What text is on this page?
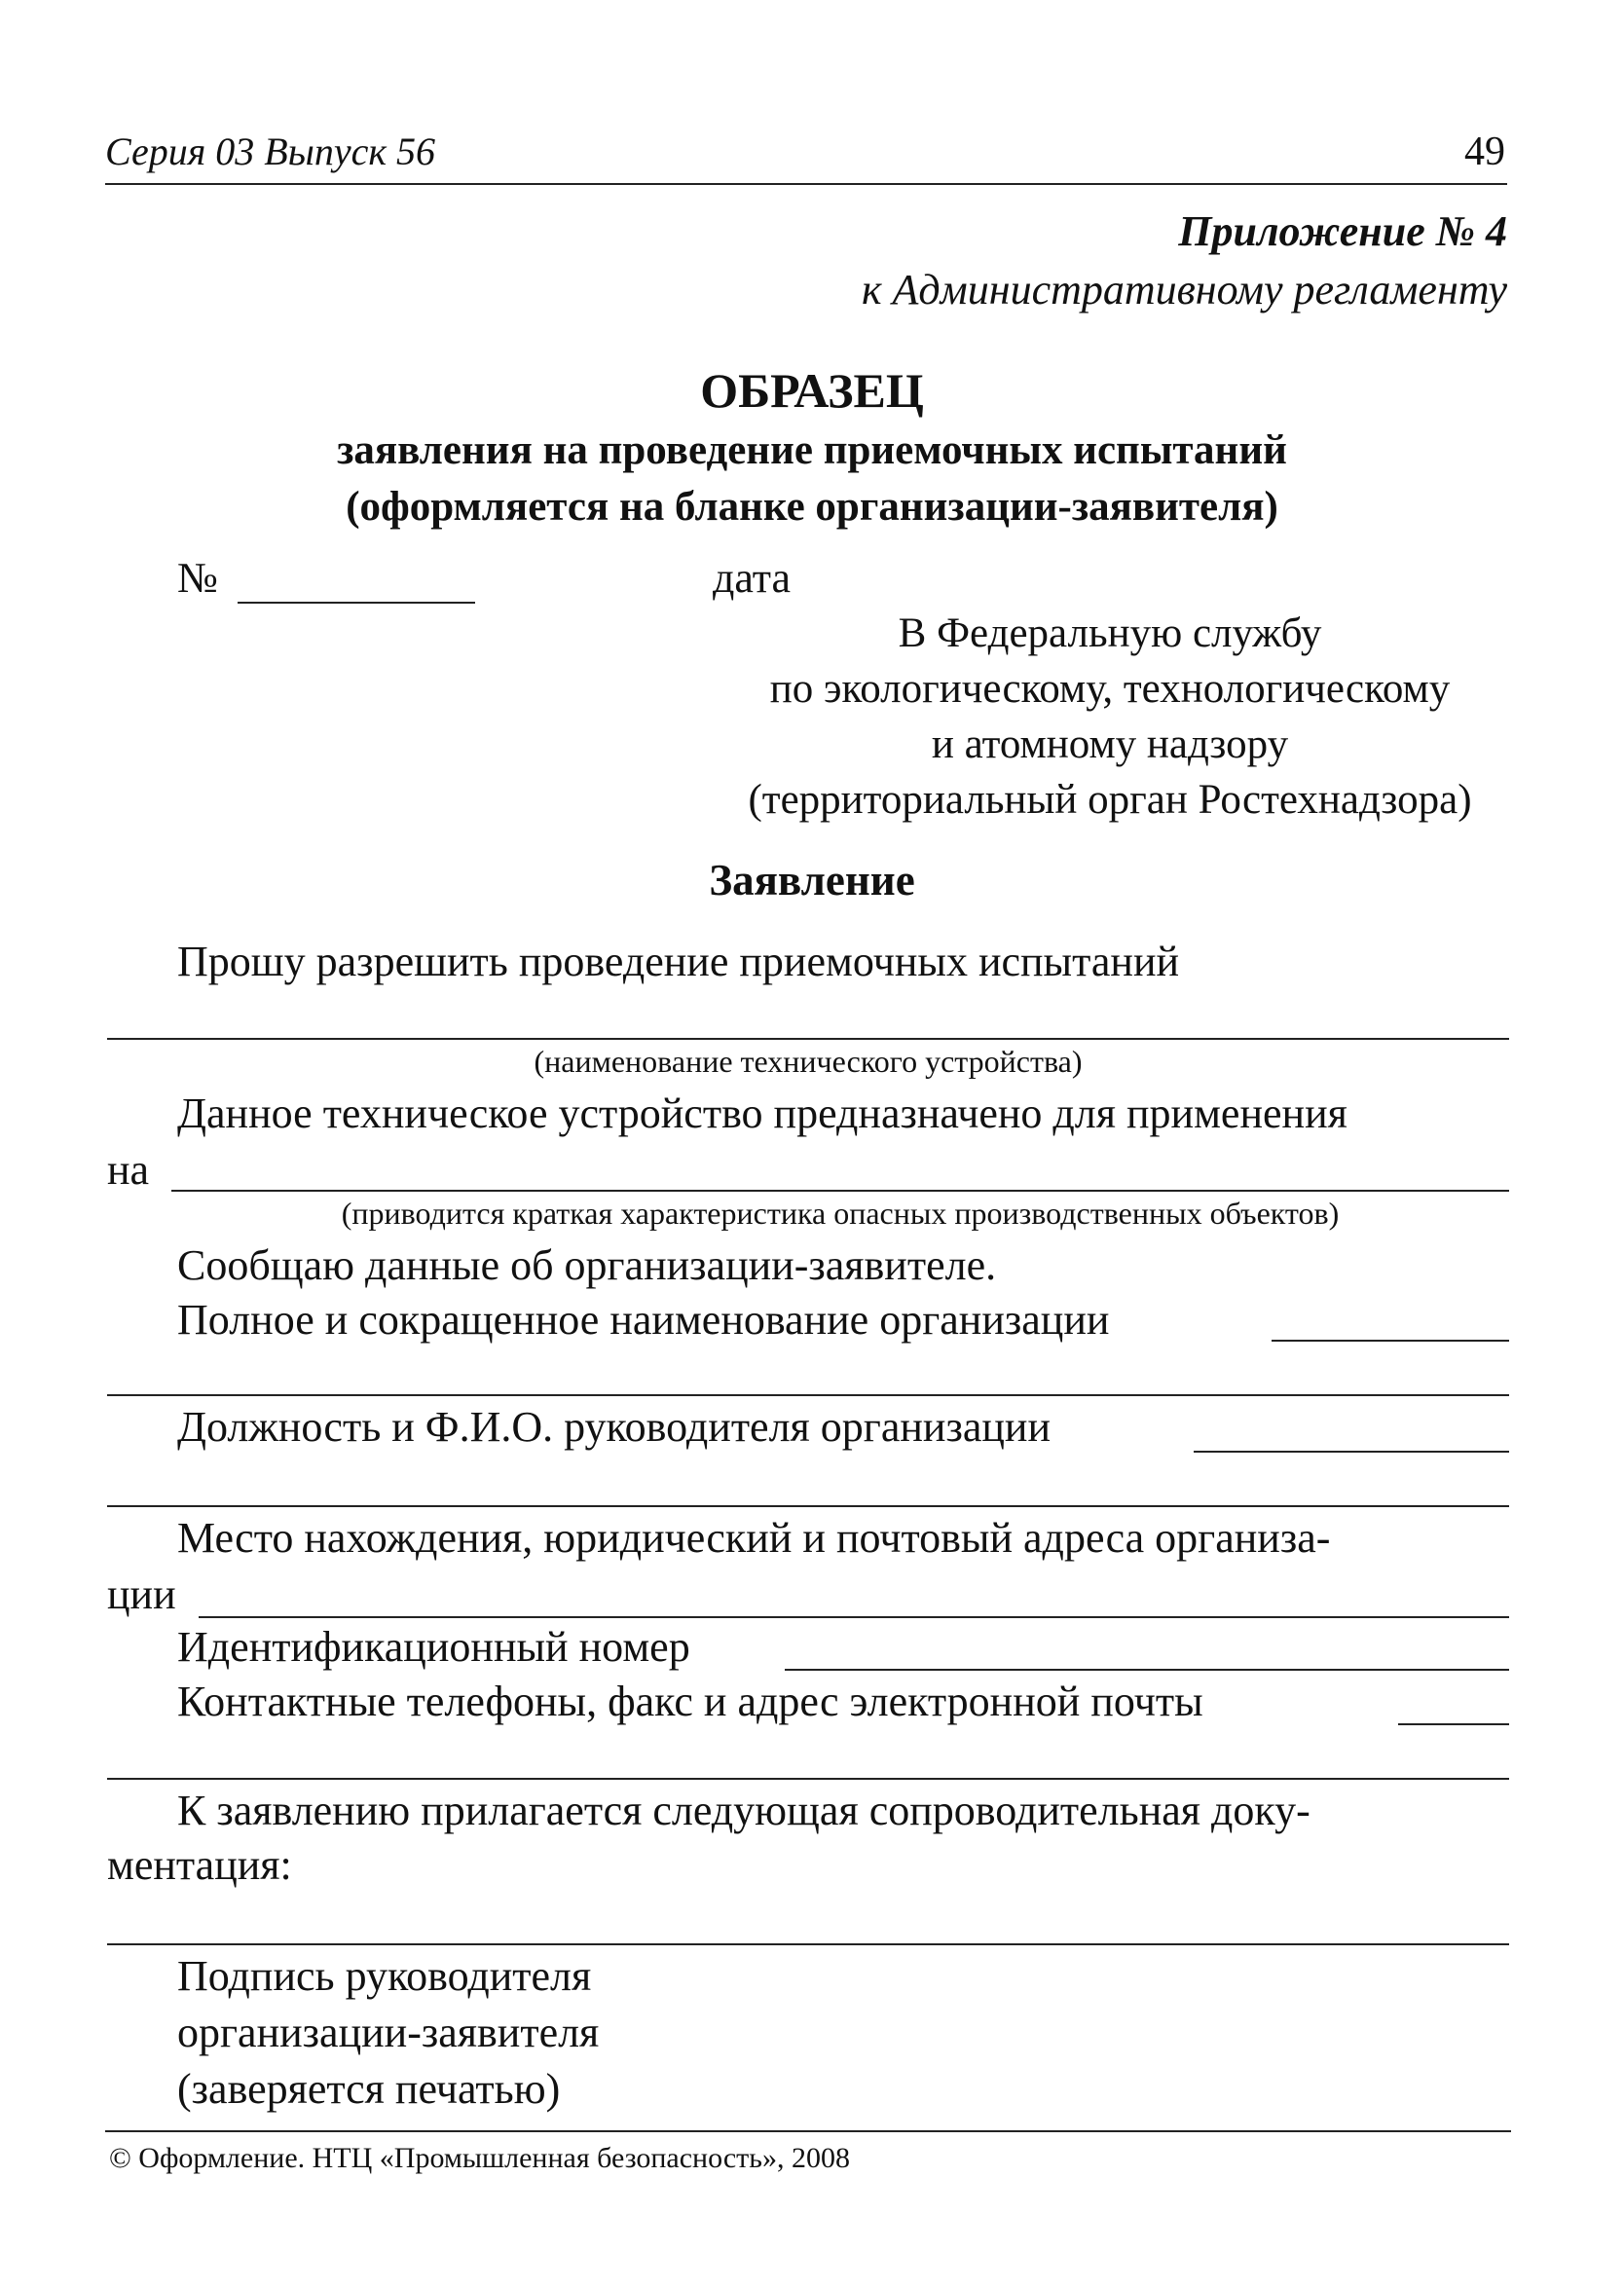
Серия 03 Выпуск 56	49
Приложение № 4
к Административному регламенту
ОБРАЗЕЦ
заявления на проведение приемочных испытаний
(оформляется на бланке организации-заявителя)
№	дата
В Федеральную службу
по экологическому, технологическому
и атомному надзору
(территориальный орган Ростехнадзора)
Заявление
Прошу разрешить проведение приемочных испытаний
(наименование технического устройства)
Данное техническое устройство предназначено для применения
на
(приводится краткая характеристика опасных производственных объектов)
Сообщаю данные об организации-заявителе.
Полное и сокращенное наименование организации
Должность и Ф.И.О. руководителя организации
Место нахождения, юридический и почтовый адреса организа-
ции
Идентификационный номер
Контактные телефоны, факс и адрес электронной почты
К заявлению прилагается следующая сопроводительная доку-
ментация:
Подпись руководителя
организации-заявителя
(заверяется печатью)
© Оформление. НТЦ «Промышленная безопасность», 2008
